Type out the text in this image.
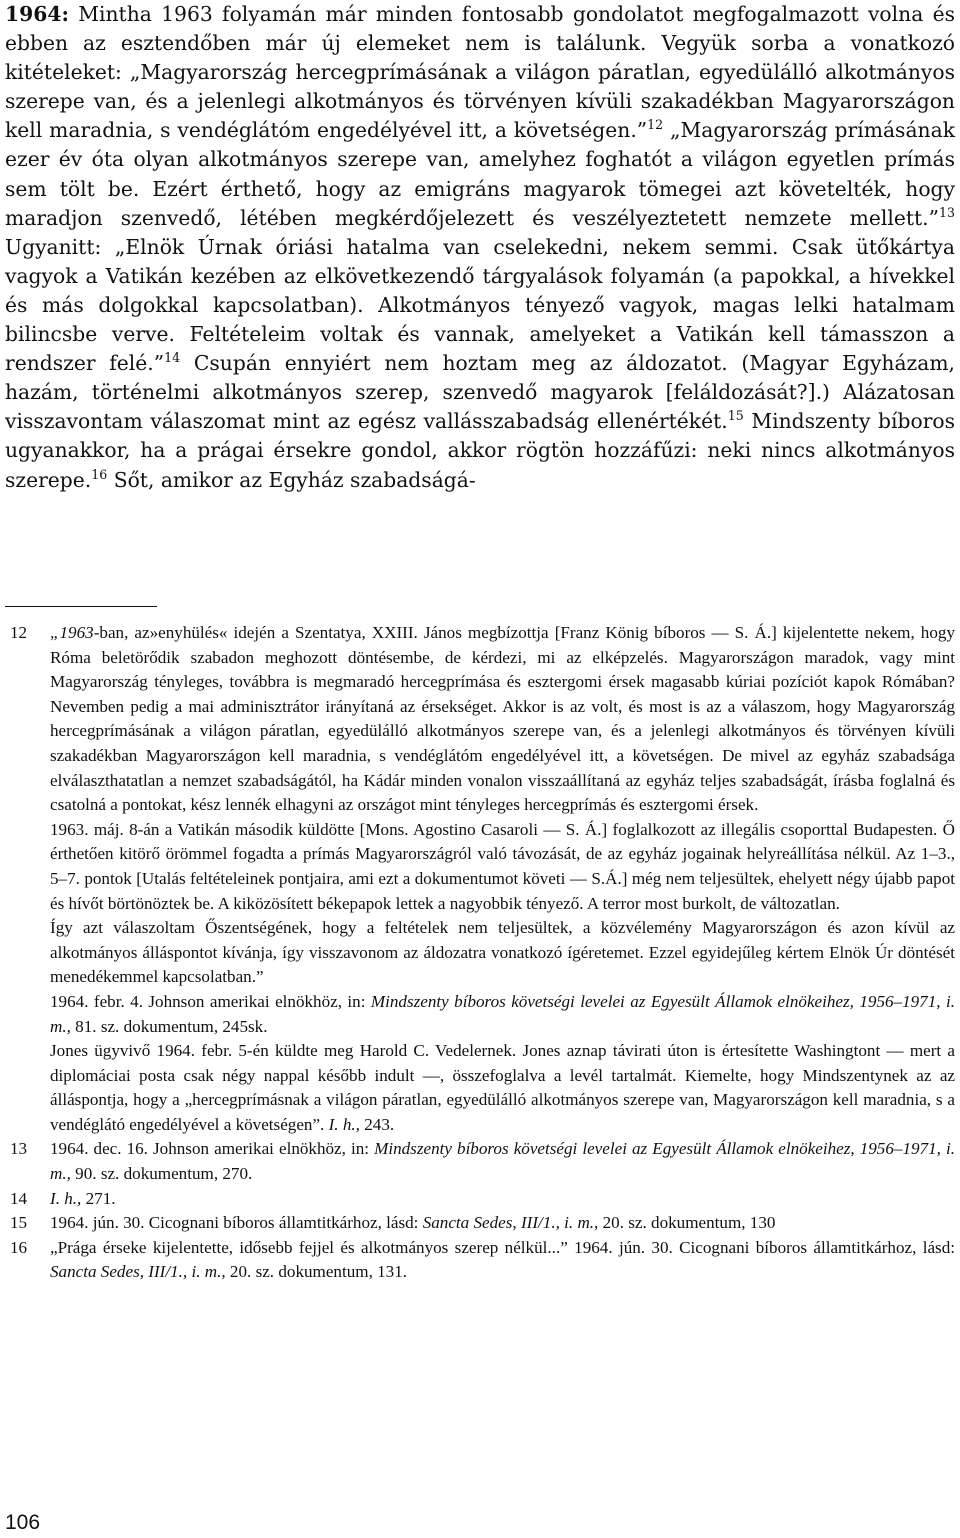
1964: Mintha 1963 folyamán már minden fontosabb gondolatot megfogalmazott volna és ebben az esztendőben már új elemeket nem is találunk. Vegyük sorba a vonatkozó kitételeket: „Magyarország hercegprímásának a világon páratlan, egyedülálló alkotmányos szerepe van, és a jelenlegi alkotmányos és törvényen kívüli szakadékban Magyarországon kell maradnia, s vendéglátóm engedélyével itt, a követségen.”$^{12}$ „Magyarország prímásának ezer év óta olyan alkotmányos szerepe van, amelyhez foghatót a világon egyetlen prímás sem tölt be. Ezért érthető, hogy az emigráns magyarok tömegei azt követelték, hogy maradjon szenvedő, létében megkérdőjelezett és veszélyeztetett nemzete mellett.”$^{13}$ Ugyanitt: „Elnök Úrnak óriási hatalma van cselekedni, nekem semmi. Csak ütőkártya vagyok a Vatikán kezében az elkövetkezendő tárgyalások folyamán (a papokkal, a hívekkel és más dolgokkal kapcsolatban). Alkotmányos tényező vagyok, magas lelki hatalmam bilincsbe verve. Feltételeim voltak és vannak, amelyeket a Vatikán kell támasszon a rendszer felé.”$^{14}$ Csupán ennyiért nem hoztam meg az áldozatot. (Magyar Egyházam, hazám, történelmi alkotmányos szerep, szenvedő magyarok [feláldozását?].) Alázatosan visszavontam válaszomat mint az egész vallásszabadság ellenértékét.$^{15}$ Mindszenty bíboros ugyanakkor, ha a prágai érsekre gondol, akkor rögtön hozzáfűzi: neki nincs alkotmányos szerepe.$^{16}$ Sőt, amikor az Egyház szabadságá-

12 „1963-ban, az»enyhülés« idején a Szentatya, XXIII. János megbízottja [Franz König bíboros — S. Á.] kijelentette nekem, hogy Róma beletörődik szabadon meghozott döntésembe, de kérdezi, mi az elképzelés. Magyarországon maradok, vagy mint Magyarország tényleges, továbbra is megmaradó hercegprímása és esztergomi érsek magasabb kúriai pozíciót kapok Rómában? Nevemben pedig a mai adminisztrátor irányítaná az érsekséget. Akkor is az volt, és most is az a válaszom, hogy Magyarország hercegprímásának a világon páratlan, egyedülálló alkotmányos szerepe van, és a jelenlegi alkotmányos és törvényen kívüli szakadékban Magyarországon kell maradnia, s vendéglátóm engedélyével itt, a követségen. De mivel az egyház szabadsága elválaszthatatlan a nemzet szabadságától, ha Kádár minden vonalon visszaállítaná az egyház teljes szabadságát, írásba foglalná és csatolná a pontokat, kész lennék elhagyni az országot mint tényleges hercegprímás és esztergomi érsek.

1963. máj. 8-án a Vatikán második küldötte [Mons. Agostino Casaroli — S. Á.] foglalkozott az illegális csoporttal Budapesten. Ő érthetően kitörő örömmel fogadta a prímás Magyarországról való távozását, de az egyház jogainak helyreállítása nélkül. Az 1–3., 5–7. pontok [Utalás feltételeinek pontjaira, ami ezt a dokumentumot követi — S.Á.] még nem teljesültek, ehelyett négy újabb papot és hívőt börtönöztek be. A kiközösített békepapok lettek a nagyobbik tényező. A terror most burkolt, de változatlan.

Így azt válaszoltam Őszentségének, hogy a feltételek nem teljesültek, a közvélemény Magyarországon és azon kívül az alkotmányos álláspontot kívánja, így visszavonom az áldozatra vonatkozó ígéretemet. Ezzel egyidejűleg kértem Elnök Úr döntését menedékemmel kapcsolatban.”

1964. febr. 4. Johnson amerikai elnökhöz, in: Mindszenty bíboros követségi levelei az Egyesült Államok elnökeihez, 1956–1971, i. m., 81. sz. dokumentum, 245sk.

Jones ügyvivő 1964. febr. 5-én küldte meg Harold C. Vedelernek. Jones aznap távirati úton is értesítette Washingtont — mert a diplomáciai posta csak négy nappal később indult —, összefoglalva a levél tartalmát. Kiemelte, hogy Mindszentynek az az álláspontja, hogy a „hercegprímásnak a világon páratlan, egyedülálló alkotmányos szerepe van, Magyarországon kell maradnia, s a vendéglátó engedélyével a követségen”. I. h., 243.

13 1964. dec. 16. Johnson amerikai elnökhöz, in: Mindszenty bíboros követségi levelei az Egyesült Államok elnökeihez, 1956–1971, i. m., 90. sz. dokumentum, 270.

14 I. h., 271.

15 1964. jún. 30. Cicognani bíboros államtitkárhoz, lásd: Sancta Sedes, III/1., i. m., 20. sz. dokumentum, 130

16 „Prága érseke kijelentette, idősebb fejjel és alkotmányos szerep nélkül...” 1964. jún. 30. Cicognani bíboros államtitkárhoz, lásd: Sancta Sedes, III/1., i. m., 20. sz. dokumentum, 131.

106
